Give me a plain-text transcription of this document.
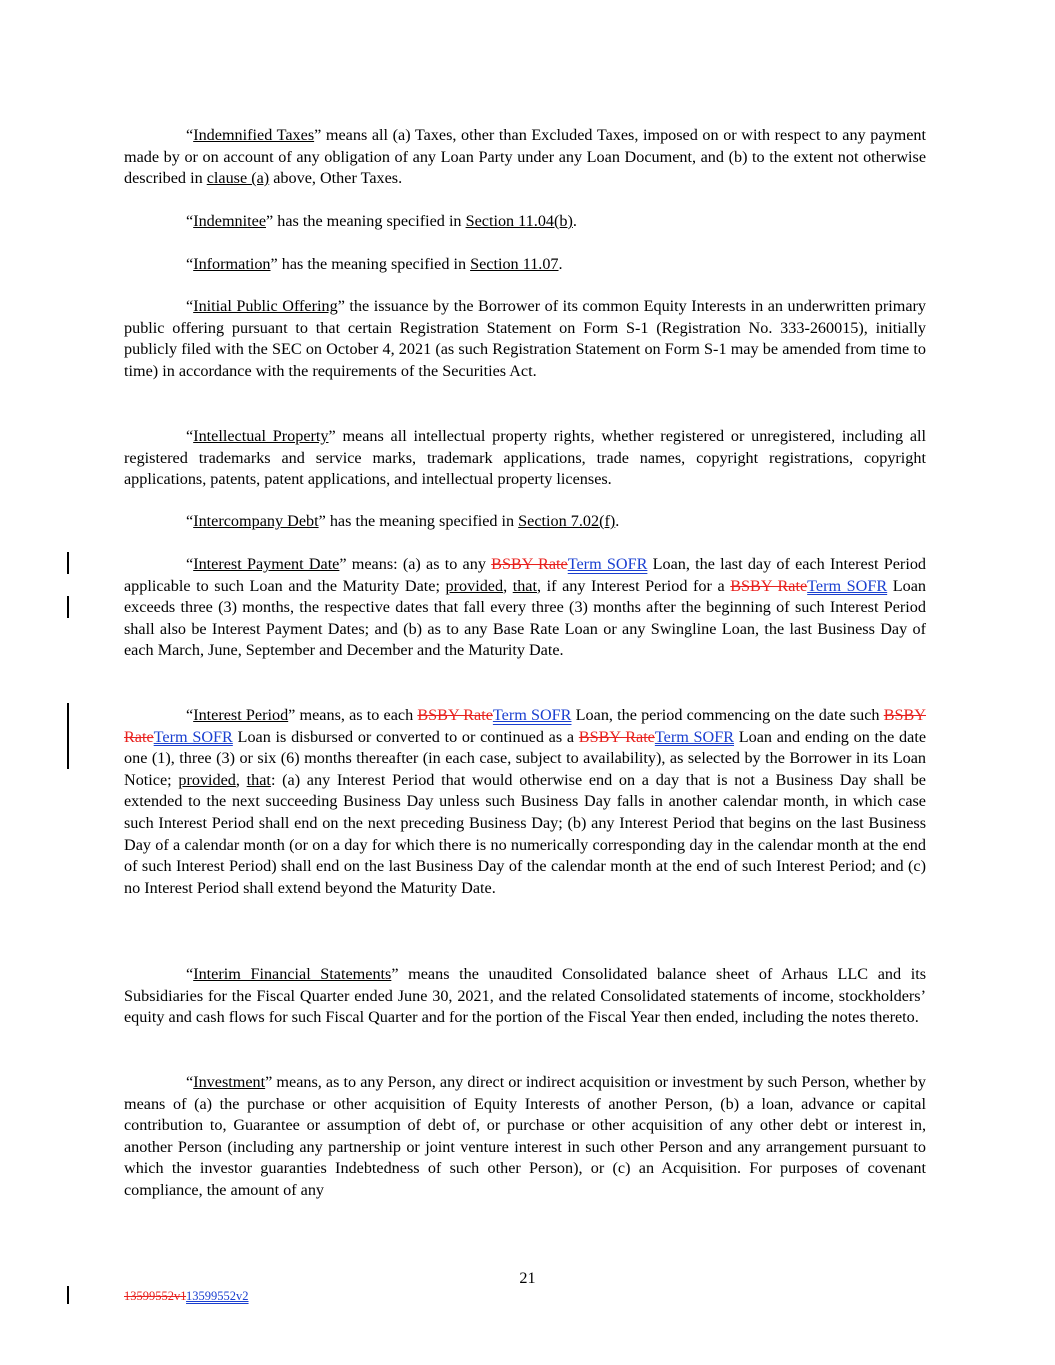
“Indemnified Taxes” means all (a) Taxes, other than Excluded Taxes, imposed on or with respect to any payment made by or on account of any obligation of any Loan Party under any Loan Document, and (b) to the extent not otherwise described in clause (a) above, Other Taxes.

“Indemnitee” has the meaning specified in Section 11.04(b).

“Information” has the meaning specified in Section 11.07.

“Initial Public Offering” the issuance by the Borrower of its common Equity Interests in an underwritten primary public offering pursuant to that certain Registration Statement on Form S-1 (Registration No. 333-260015), initially publicly filed with the SEC on October 4, 2021 (as such Registration Statement on Form S-1 may be amended from time to time) in accordance with the requirements of the Securities Act.

“Intellectual Property” means all intellectual property rights, whether registered or unregistered, including all registered trademarks and service marks, trademark applications, trade names, copyright registrations, copyright applications, patents, patent applications, and intellectual property licenses.

“Intercompany Debt” has the meaning specified in Section 7.02(f).

“Interest Payment Date” means: (a) as to any BSBY RateTerm SOFR Loan, the last day of each Interest Period applicable to such Loan and the Maturity Date; provided, that, if any Interest Period for a BSBY RateTerm SOFR Loan exceeds three (3) months, the respective dates that fall every three (3) months after the beginning of such Interest Period shall also be Interest Payment Dates; and (b) as to any Base Rate Loan or any Swingline Loan, the last Business Day of each March, June, September and December and the Maturity Date.

“Interest Period” means, as to each BSBY RateTerm SOFR Loan, the period commencing on the date such BSBY RateTerm SOFR Loan is disbursed or converted to or continued as a BSBY RateTerm SOFR Loan and ending on the date one (1), three (3) or six (6) months thereafter (in each case, subject to availability), as selected by the Borrower in its Loan Notice; provided, that: (a) any Interest Period that would otherwise end on a day that is not a Business Day shall be extended to the next succeeding Business Day unless such Business Day falls in another calendar month, in which case such Interest Period shall end on the next preceding Business Day; (b) any Interest Period that begins on the last Business Day of a calendar month (or on a day for which there is no numerically corresponding day in the calendar month at the end of such Interest Period) shall end on the last Business Day of the calendar month at the end of such Interest Period; and (c) no Interest Period shall extend beyond the Maturity Date.

“Interim Financial Statements” means the unaudited Consolidated balance sheet of Arhaus LLC and its Subsidiaries for the Fiscal Quarter ended June 30, 2021, and the related Consolidated statements of income, stockholders’ equity and cash flows for such Fiscal Quarter and for the portion of the Fiscal Year then ended, including the notes thereto.

“Investment” means, as to any Person, any direct or indirect acquisition or investment by such Person, whether by means of (a) the purchase or other acquisition of Equity Interests of another Person, (b) a loan, advance or capital contribution to, Guarantee or assumption of debt of, or purchase or other acquisition of any other debt or interest in, another Person (including any partnership or joint venture interest in such other Person and any arrangement pursuant to which the investor guaranties Indebtedness of such other Person), or (c) an Acquisition. For purposes of covenant compliance, the amount of any

21
13599552v113599552v2
